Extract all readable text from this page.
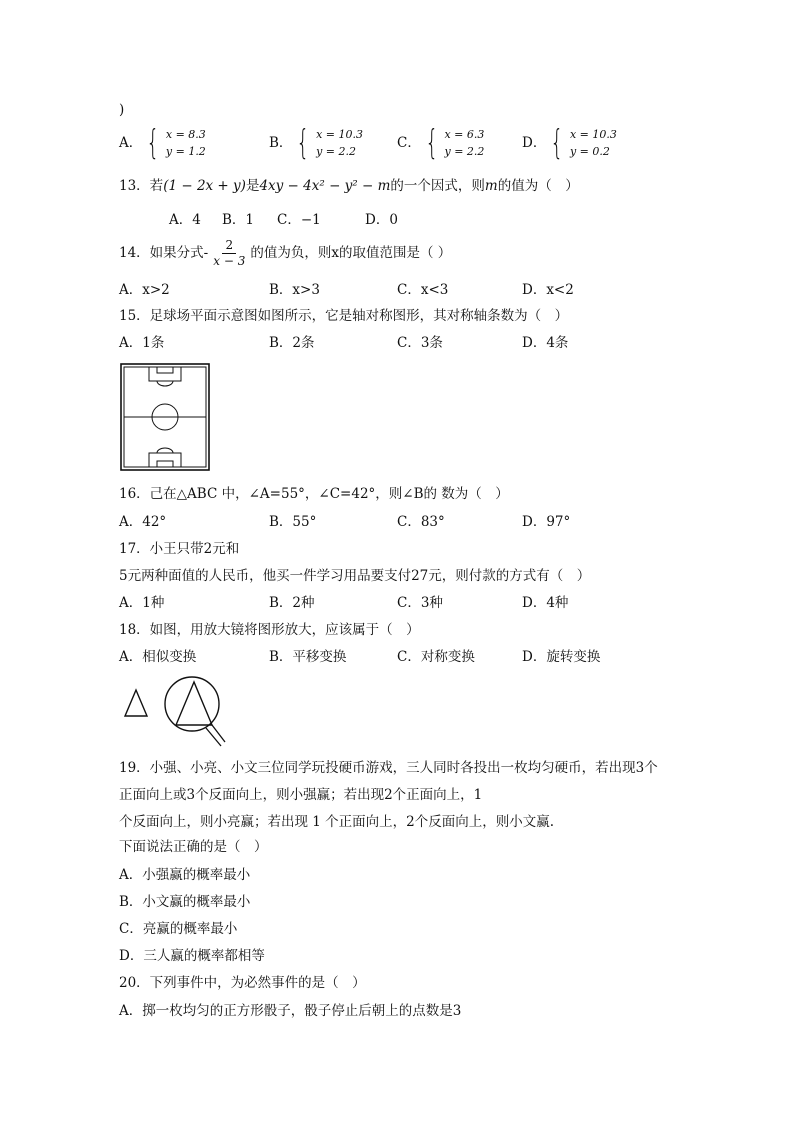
)
A． { x = 8.3
y = 1.2
B． { x = 10.3
y = 2.2
C． { x = 6.3
y = 2.2
D． { x = 10.3
y = 0.2
13．若(1 − 2x + y)是4xy − 4x² − y² − m的一个因式，则m的值为（　）
A．4 B．1 C．−1	D．0
14．如果分式- $\frac{2}{x - 3}$ 的值为负，则x的取值范围是（ ）
A．x>2	B．x>3	C．x<3	D．x<2
15．足球场平面示意图如图所示，它是轴对称图形，其对称轴条数为（　）
A．1条	B．2条	C．3条	D．4条
16．己在△ABC 中，∠A=55°，∠C=42°，则∠B的 数为（　）
A．42°	B．55°	C．83°	D．97°
17．小王只带2元和
5元两种面值的人民币，他买一件学习用品要支付27元，则付款的方式有（　）
A．1种	B．2种	C．3种	D．4种
18．如图，用放大镜将图形放大，应该属于（　）
A．相似变换	B．平移变换	C．对称变换	D．旋转变换
19．小强、小亮、小文三位同学玩投硬币游戏，三人同时各投出一枚均匀硬币，若出现3个
正面向上或3个反面向上，则小强赢；若出现2个正面向上，1
个反面向上，则小亮赢；若出现 1 个正面向上，2个反面向上，则小文赢.
下面说法正确的是（　）
A．小强赢的概率最小
B．小文赢的概率最小
C．亮赢的概率最小
D．三人赢的概率都相等
20．下列事件中，为必然事件的是（　）
A．掷一枚均匀的正方形骰子，骰子停止后朝上的点数是3
